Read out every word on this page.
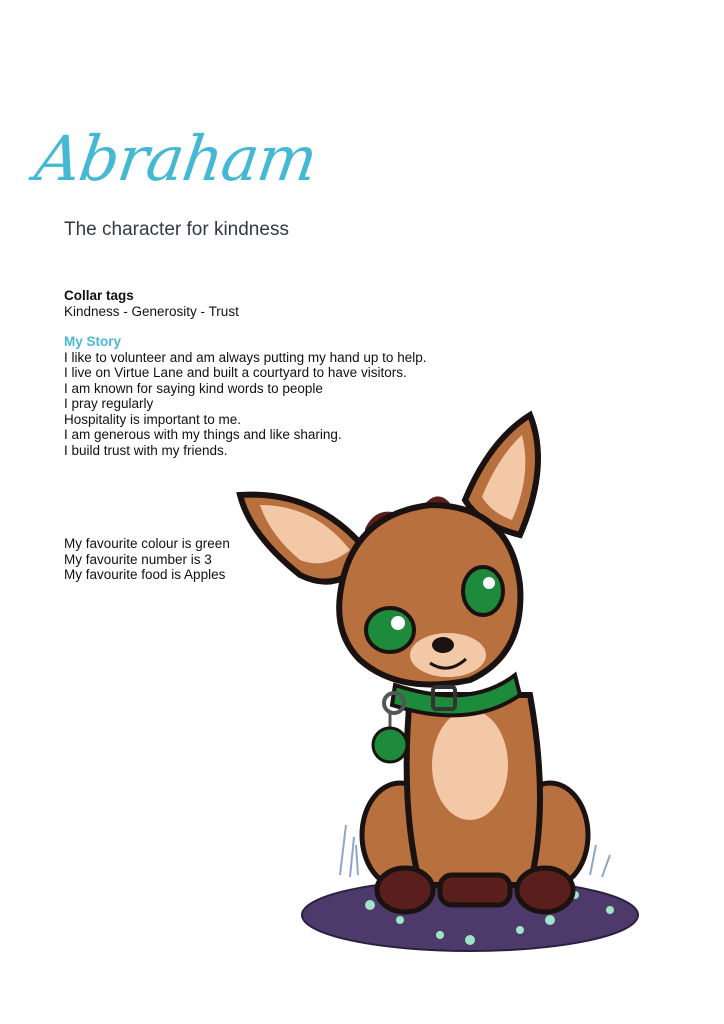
Abraham
The character for kindness
Collar tags
Kindness - Generosity - Trust
My Story
I like to volunteer and am always putting my hand up to help.
I live on Virtue Lane and built a courtyard to have visitors.
I am known for saying kind words to people
I pray regularly
Hospitality is important to me.
I am generous with my things and like sharing.
I build trust with my friends.
My favourite colour is green
My favourite number is 3
My favourite food is Apples
